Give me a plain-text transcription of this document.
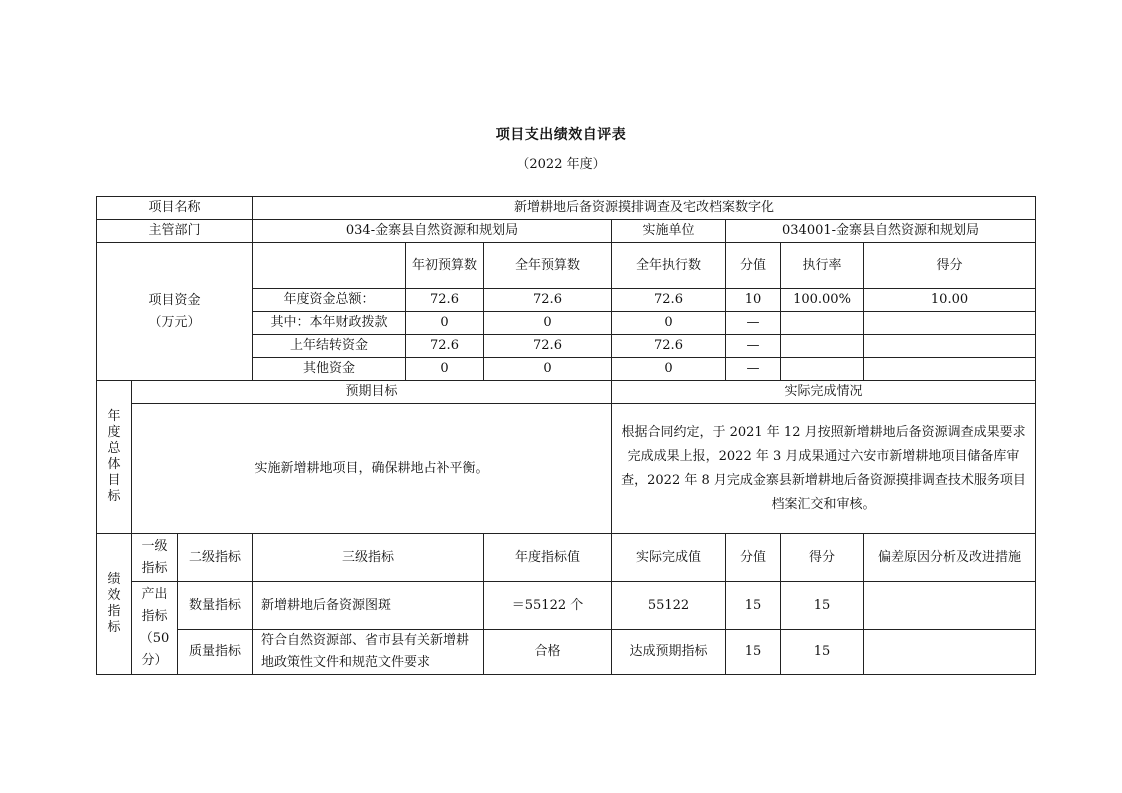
项目支出绩效自评表
（2022 年度）
项目名称			新增耕地后备资源摸排调查及宅改档案数字化						
主管部门			034-金寨县自然资源和规划局			实施单位	034001-金寨县自然资源和规划局		

项目资金
（万元）				年初预算数	全年预算数	全年执行数	分值	执行率	得分
			年度资金总额：	72.6	72.6	72.6	10	100.00%	10.00
			其中：本年财政拨款	0	0	0	—		
			上年结转资金	72.6	72.6	72.6	—		
			其他资金	0	0	0	—		
年度总体目标	预期目标					实际完成情况			
	实施新增耕地项目，确保耕地占补平衡。					根据合同约定，于 2021 年 12 月按照新增耕地后备资源调查成果要求完成成果上报，2022 年 3 月成果通过六安市新增耕地项目储备库审查，2022 年 8 月完成金寨县新增耕地后备资源摸排调查技术服务项目档案汇交和审核。			
绩效指标	一级指标	二级指标	三级指标		年度指标值	实际完成值	分值	得分	偏差原因分析及改进措施
	产出指标（50分）	数量指标	新增耕地后备资源图斑		＝55122 个	55122	15	15	
		质量指标	符合自然资源部、省市县有关新增耕地政策性文件和规范文件要求		合格	达成预期指标	15	15	
